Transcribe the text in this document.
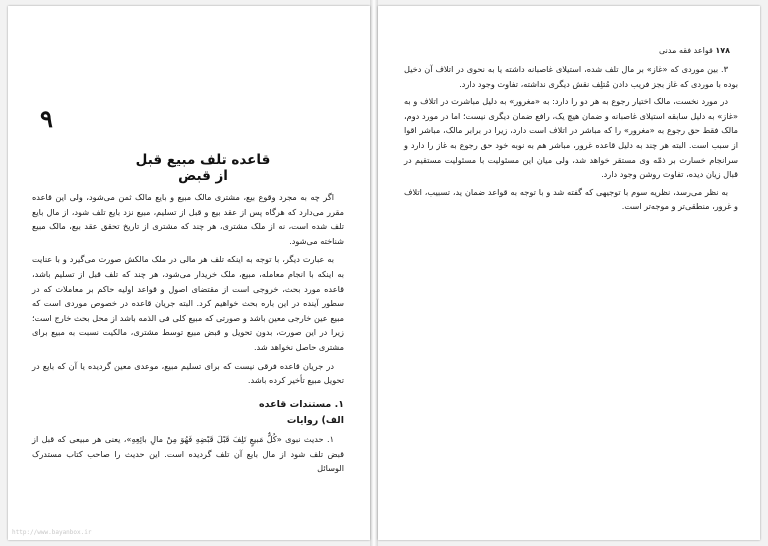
۹
قاعده تلف مبیع قبل از قبض

اگر چه به مجرد وقوع بیع، مشتری مالک مبیع و بایع مالک ثمن می‌شود، ولی این قاعده مقرر می‌دارد که هرگاه پس از عقد بیع و قبل از تسلیم، مبیع نزد بایع تلف شود، از مال بایع تلف شده است، نه از ملک مشتری، هر چند که مشتری از تاریخ تحقق عقد بیع، مالک مبیع شناخته می‌شود.

به عبارت دیگر، با توجه به اینکه تلف هر مالی در ملک مالکش صورت می‌گیرد و با عنایت به اینکه با انجام معامله، مبیع، ملک خریدار می‌شود، هر چند که تلف قبل از تسلیم باشد، قاعده مورد بحث، خروجی است از مقتضای اصول و قواعد اولیه حاکم بر معاملات که در سطور آینده در این باره بحث خواهیم کرد. البته جریان قاعده در خصوص موردی است که مبیع عین خارجی معین باشد و صورتی که مبیع کلی فی الذمه باشد از محل بحث خارج است؛ زیرا در این صورت، بدون تحویل و قبض مبیع توسط مشتری، مالکیت نسبت به مبیع برای مشتری حاصل نخواهد شد.

در جریان قاعده فرقی نیست که برای تسلیم مبیع، موعدی معین گردیده یا آن که بایع در تحویل مبیع تأخیر کرده باشد.

۱. مستندات قاعده
الف) روایات

۱. حدیث نبوی «کُلُّ مَبیعٍ تَلِفَ قَبْلَ قَبْضِهِ فَهُوَ مِنْ مالِ بائِعِهِ»، یعنی هر مبیعی که قبل از قبض تلف شود از مال بایع آن تلف گردیده است. این حدیث را صاحب کتاب مستدرک الوسائل

http://www.bayanbox.ir
۱۷۸ قواعد فقه مدنی

۳. بین موردی که «غاز» بر مال تلف شده، استیلای غاصبانه داشته یا به نحوی در اتلاف آن دخیل بوده با موردی که غاز بجز فریب دادن مُتلِف نقش دیگری نداشته، تفاوت وجود دارد.

در مورد نخست، مالک اختیار رجوع به هر دو را دارد: به «مغرور» به دلیل مباشرت در اتلاف و به «غاز» به دلیل سابقه استیلای غاصبانه و ضمان هیچ یک، رافع ضمان دیگری نیست؛ اما در مورد دوم، مالک فقط حق رجوع به «مغرور» را که مباشر در اتلاف است دارد، زیرا در برابر مالک، مباشر اقوا از سبب است. البته هر چند به دلیل قاعده غرور، مباشر هم به نوبه خود حق رجوع به غاز را دارد و سرانجام خسارت بر ذمّه وی مستقر خواهد شد، ولی میان این مسئولیت با مسئولیت مستقیم در قبال زیان دیده، تفاوت روشن وجود دارد.

به نظر می‌رسد، نظریه سوم با توجیهی که گفته شد و با توجه به قواعد ضمان ید، تسبیب، اتلاف و غرور، منطقی‌تر و موجه‌تر است.
